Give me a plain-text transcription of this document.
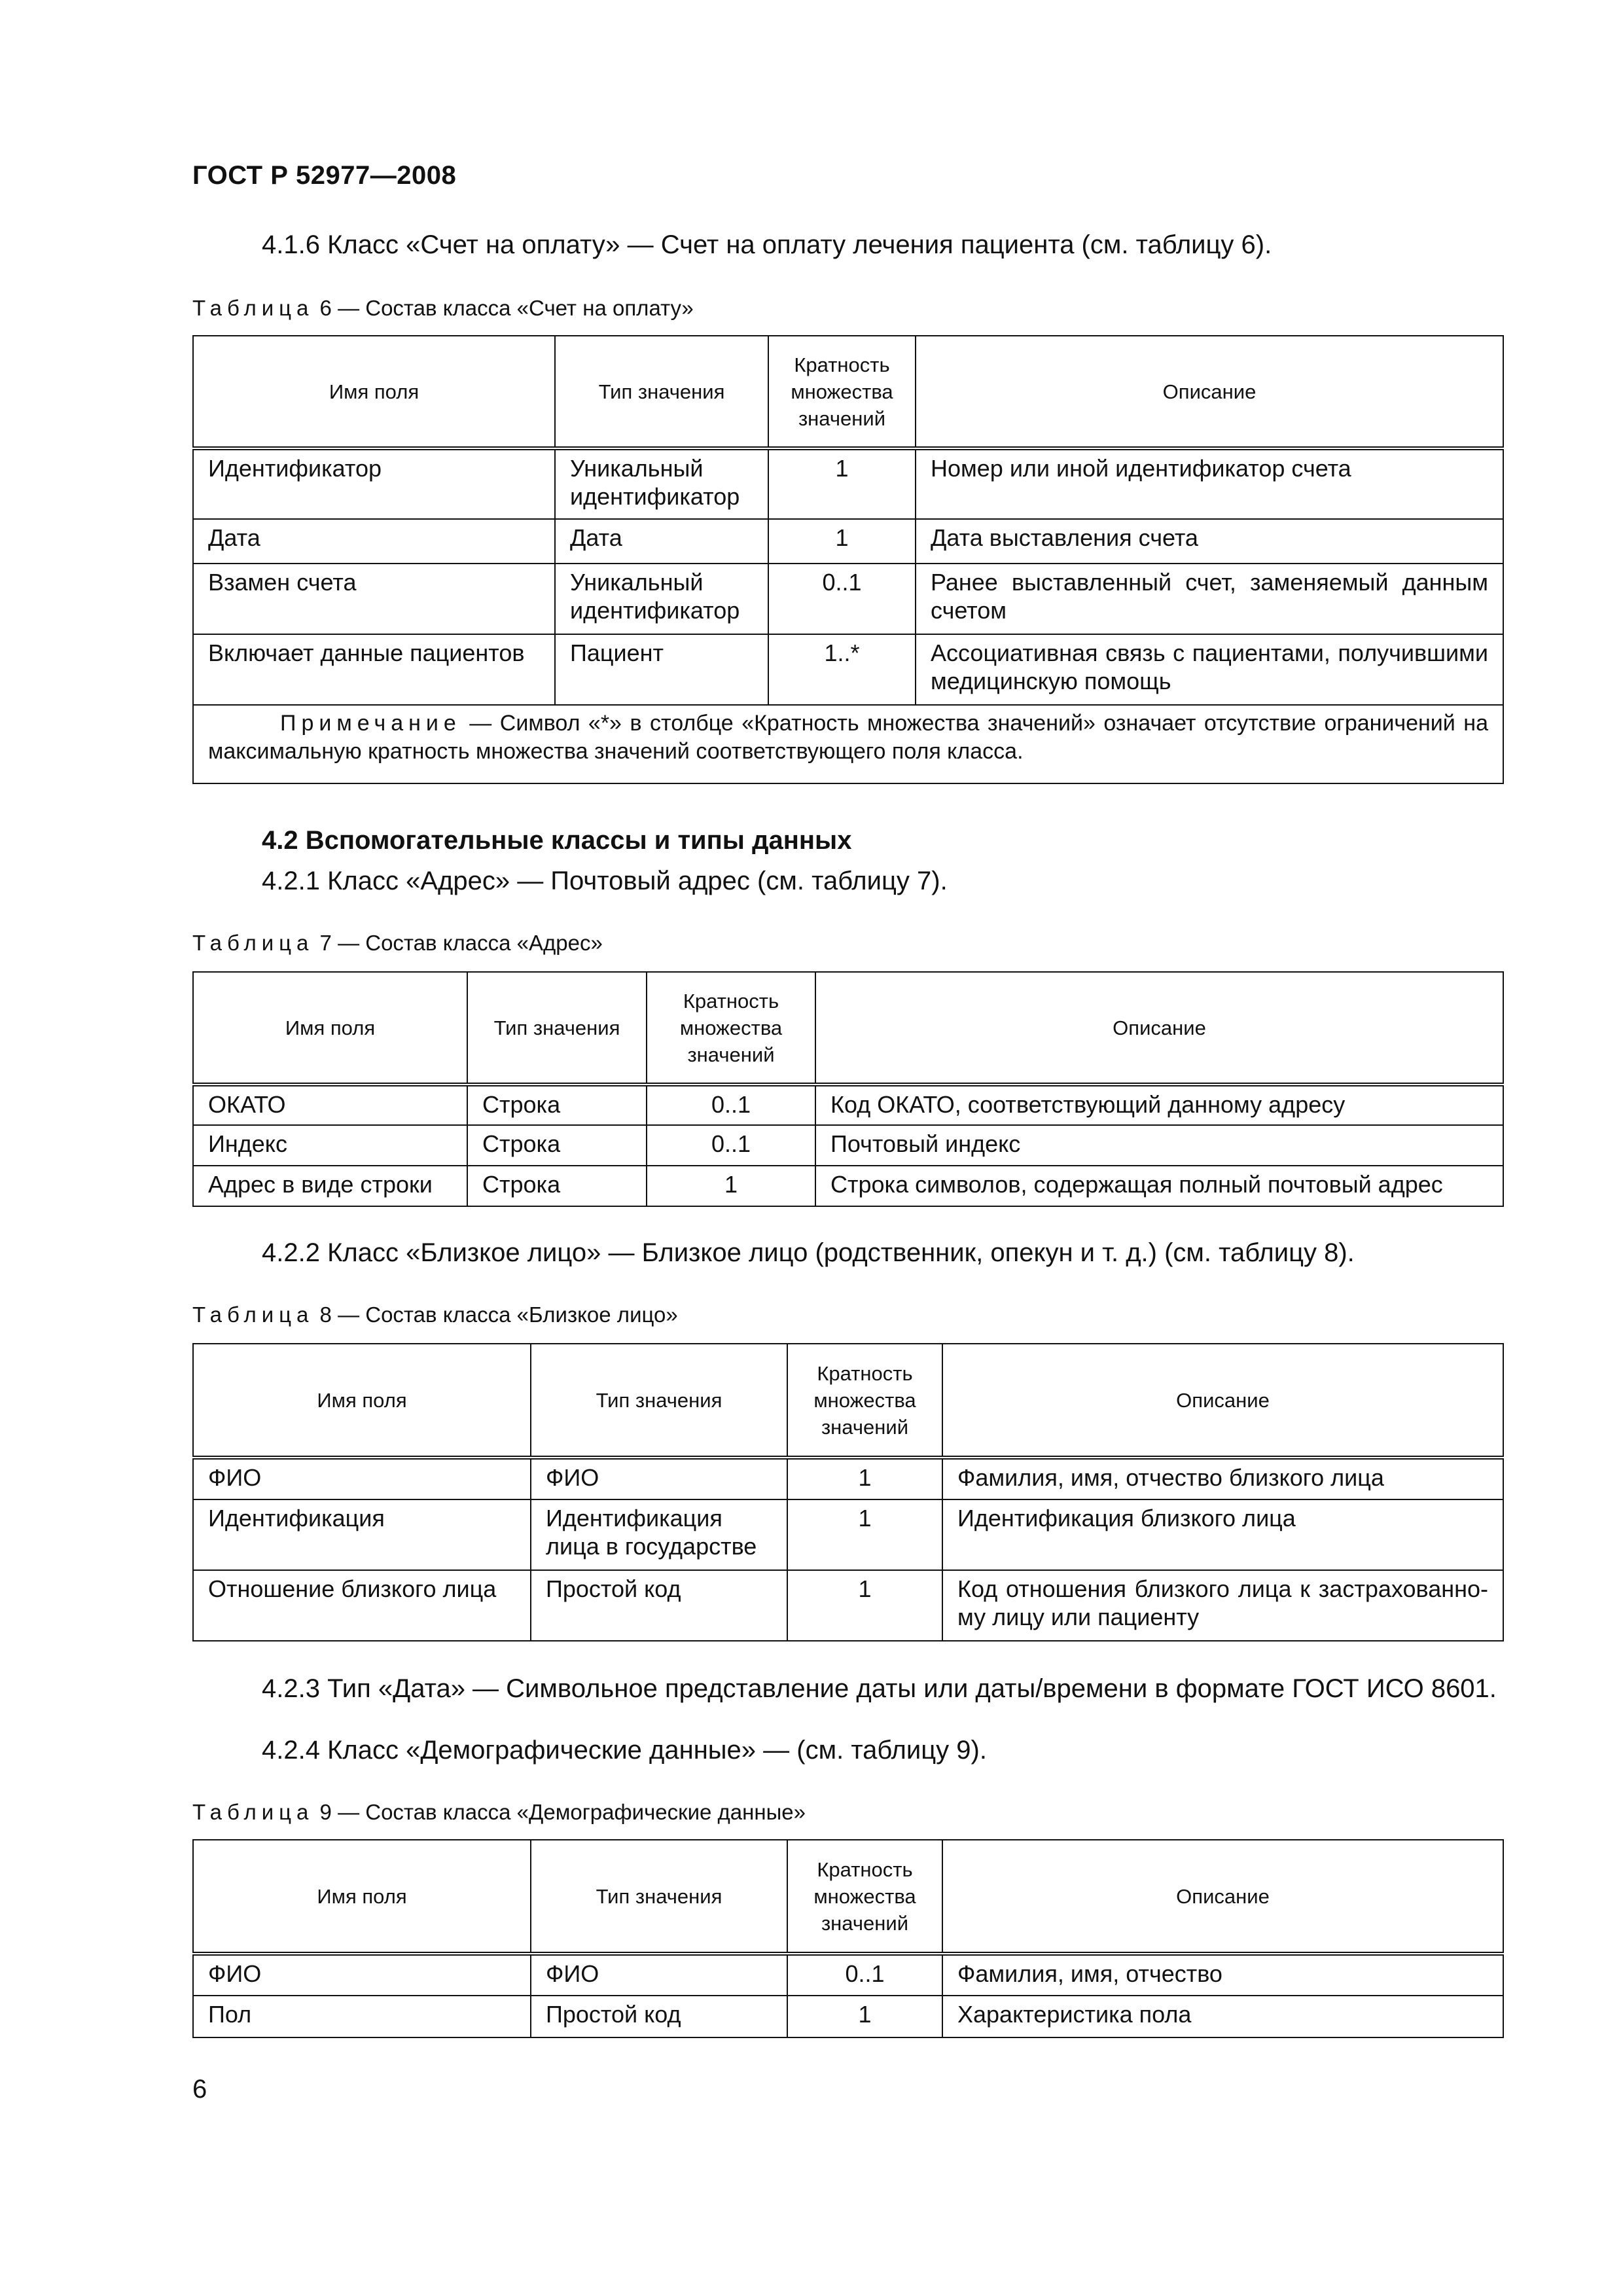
ГОСТ Р 52977—2008
4.1.6 Класс «Счет на оплату» — Счет на оплату лечения пациента (см. таблицу 6).
Таблица 6 — Состав класса «Счет на оплату»
Имя поля	Тип значения	Кратность множества значений	Описание
Идентификатор	Уникальный идентификатор	1	Номер или иной идентификатор счета
Дата	Дата	1	Дата выставления счета
Взамен счета	Уникальный идентификатор	0..1	Ранее выставленный счет, заменяемый данным счетом
Включает данные пациентов	Пациент	1..*	Ассоциативная связь с пациентами, получившими медицинскую помощь
Примечание — Символ «*» в столбце «Кратность множества значений» означает отсутствие ограничений на максимальную кратность множества значений соответствующего поля класса.			
4.2 Вспомогательные классы и типы данных
4.2.1 Класс «Адрес» — Почтовый адрес (см. таблицу 7).
Таблица 7 — Состав класса «Адрес»
Имя поля	Тип значения	Кратность множества значений	Описание
ОКАТО	Строка	0..1	Код ОКАТО, соответствующий данному адресу
Индекс	Строка	0..1	Почтовый индекс
Адрес в виде строки	Строка	1	Строка символов, содержащая полный почтовый адрес
4.2.2 Класс «Близкое лицо» — Близкое лицо (родственник, опекун и т. д.) (см. таблицу 8).
Таблица 8 — Состав класса «Близкое лицо»
Имя поля	Тип значения	Кратность множества значений	Описание
ФИО	ФИО	1	Фамилия, имя, отчество близкого лица
Идентификация	Идентификация лица в государстве	1	Идентификация близкого лица
Отношение близкого лица	Простой код	1	Код отношения близкого лица к застрахованному лицу или пациенту
4.2.3 Тип «Дата» — Символьное представление даты или даты/времени в формате ГОСТ ИСО 8601.
4.2.4 Класс «Демографические данные» — (см. таблицу 9).
Таблица 9 — Состав класса «Демографические данные»
Имя поля	Тип значения	Кратность множества значений	Описание
ФИО	ФИО	0..1	Фамилия, имя, отчество
Пол	Простой код	1	Характеристика пола
6
